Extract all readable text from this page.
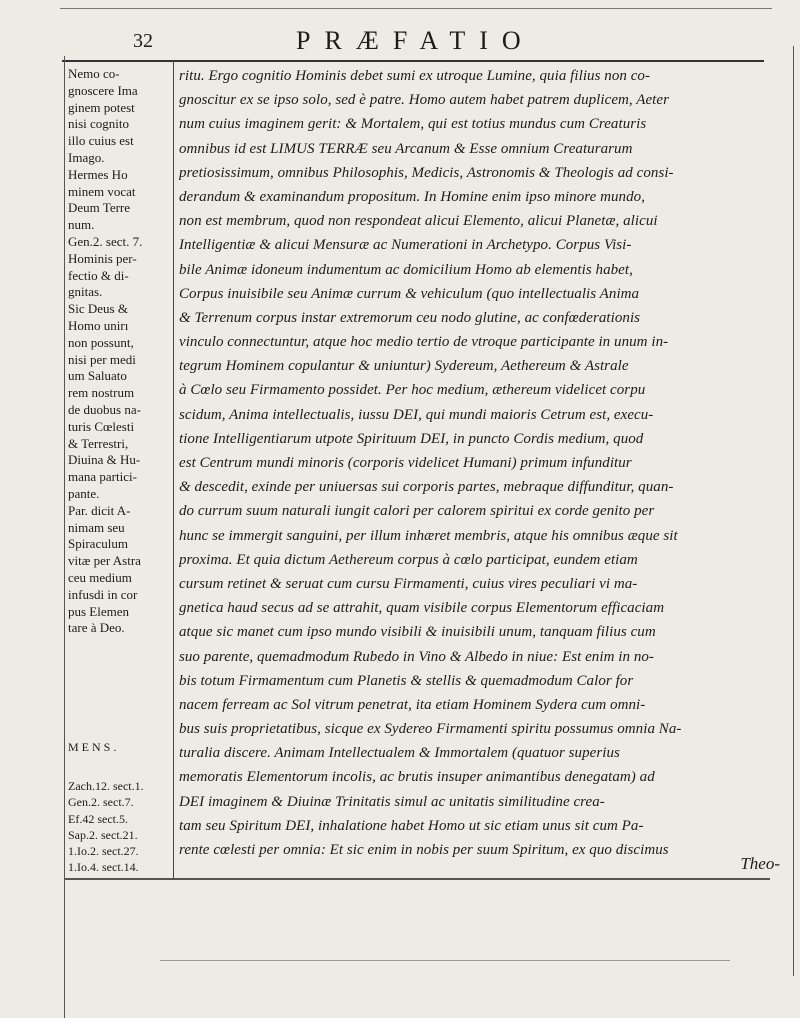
32	PRÆFATIO
Nemo co-
gnoscere Ima
ginem potest
nisi cognito
illo cuius est
Imago.
Hermes Ho
minem vocat
Deum Terre
num.
Gen.2. sect. 7.
Hominis per-
fectio & di-
gnitas.
Sic Deus &
Homo unirı
non possunt,
nisi per medi
um Saluato
rem nostrum
de duobus na-
turis Cœlesti
& Terrestri,
Diuina & Hu-
mana partici-
pante.
Par. dicit A-
nimam seu
Spiraculum
vitæ per Astra
ceu medium
infusdi in cor
pus Elemen
tare à Deo.
MENS.
Zach.12. sect.1.
Gen.2. sect.7.
Ef.42 sect.5.
Sap.2. sect.21.
1.Io.2. sect.27.
1.Io.4. sect.14.
ritu. Ergo cognitio Hominis debet sumi ex utroque Lumine, quia filius non co-
gnoscitur ex se ipso solo, sed è patre. Homo autem habet patrem duplicem, Aeter
num cuius imaginem gerit: & Mortalem, qui est totius mundus cum Creaturis
omnibus id est LIMUS TERRÆ seu Arcanum & Esse omnium Creaturarum
pretiosissimum, omnibus Philosophis, Medicis, Astronomis & Theologis ad consi-
derandum & examinandum propositum. In Homine enim ipso minore mundo,
non est membrum, quod non respondeat alicui Elemento, alicui Planetæ, alicui
Intelligentiæ & alicui Mensuræ ac Numerationi in Archetypo. Corpus Visi-
bile Animæ idoneum indumentum ac domicilium Homo ab elementis habet,
Corpus inuisibile seu Animæ currum & vehiculum (quo intellectualis Anima
& Terrenum corpus instar extremorum ceu nodo glutine, ac confœderationis
vinculo connectuntur, atque hoc medio tertio de vtroque participante in unum in-
tegrum Hominem copulantur & uniuntur) Sydereum, Aethereum & Astrale
à Cœlo seu Firmamento possidet. Per hoc medium, æthereum videlicet corpu
scidum, Anima intellectualis, iussu DEI, qui mundi maioris Cetrum est, execu-
tione Intelligentiarum utpote Spirituum DEI, in puncto Cordis medium, quod
est Centrum mundi minoris (corporis videlicet Humani) primum infunditur
& descedit, exinde per uniuersas sui corporis partes, mebraque diffunditur, quan-
do currum suum naturali iungit calori per calorem spiritui ex corde genito per
hunc se immergit sanguini, per illum inhæret membris, atque his omnibus æque sit
proxima. Et quia dictum Aethereum corpus à cœlo participat, eundem etiam
cursum retinet & seruat cum cursu Firmamenti, cuius vires peculiari vi ma-
gnetica haud secus ad se attrahit, quam visibile corpus Elementorum efficaciam
atque sic manet cum ipso mundo visibili & inuisibili unum, tanquam filius cum
suo parente, quemadmodum Rubedo in Vino & Albedo in niue: Est enim in no-
bis totum Firmamentum cum Planetis & stellis & quemadmodum Calor for
nacem ferream ac Sol vitrum penetrat, ita etiam Hominem Sydera cum omni-
bus suis proprietatibus, sicque ex Sydereo Firmamenti spiritu possumus omnia Na-
turalia discere. Animam Intellectualem & Immortalem (quatuor superius
memoratis Elementorum incolis, ac brutis insuper animantibus denegatam) ad
DEI imaginem & Diuinæ Trinitatis simul ac unitatis similitudine crea-
tam seu Spiritum DEI, inhalatione habet Homo ut sic etiam unus sit cum Pa-
rente cœlesti per omnia: Et sic enim in nobis per suum Spiritum, ex quo discimus
Theo-
